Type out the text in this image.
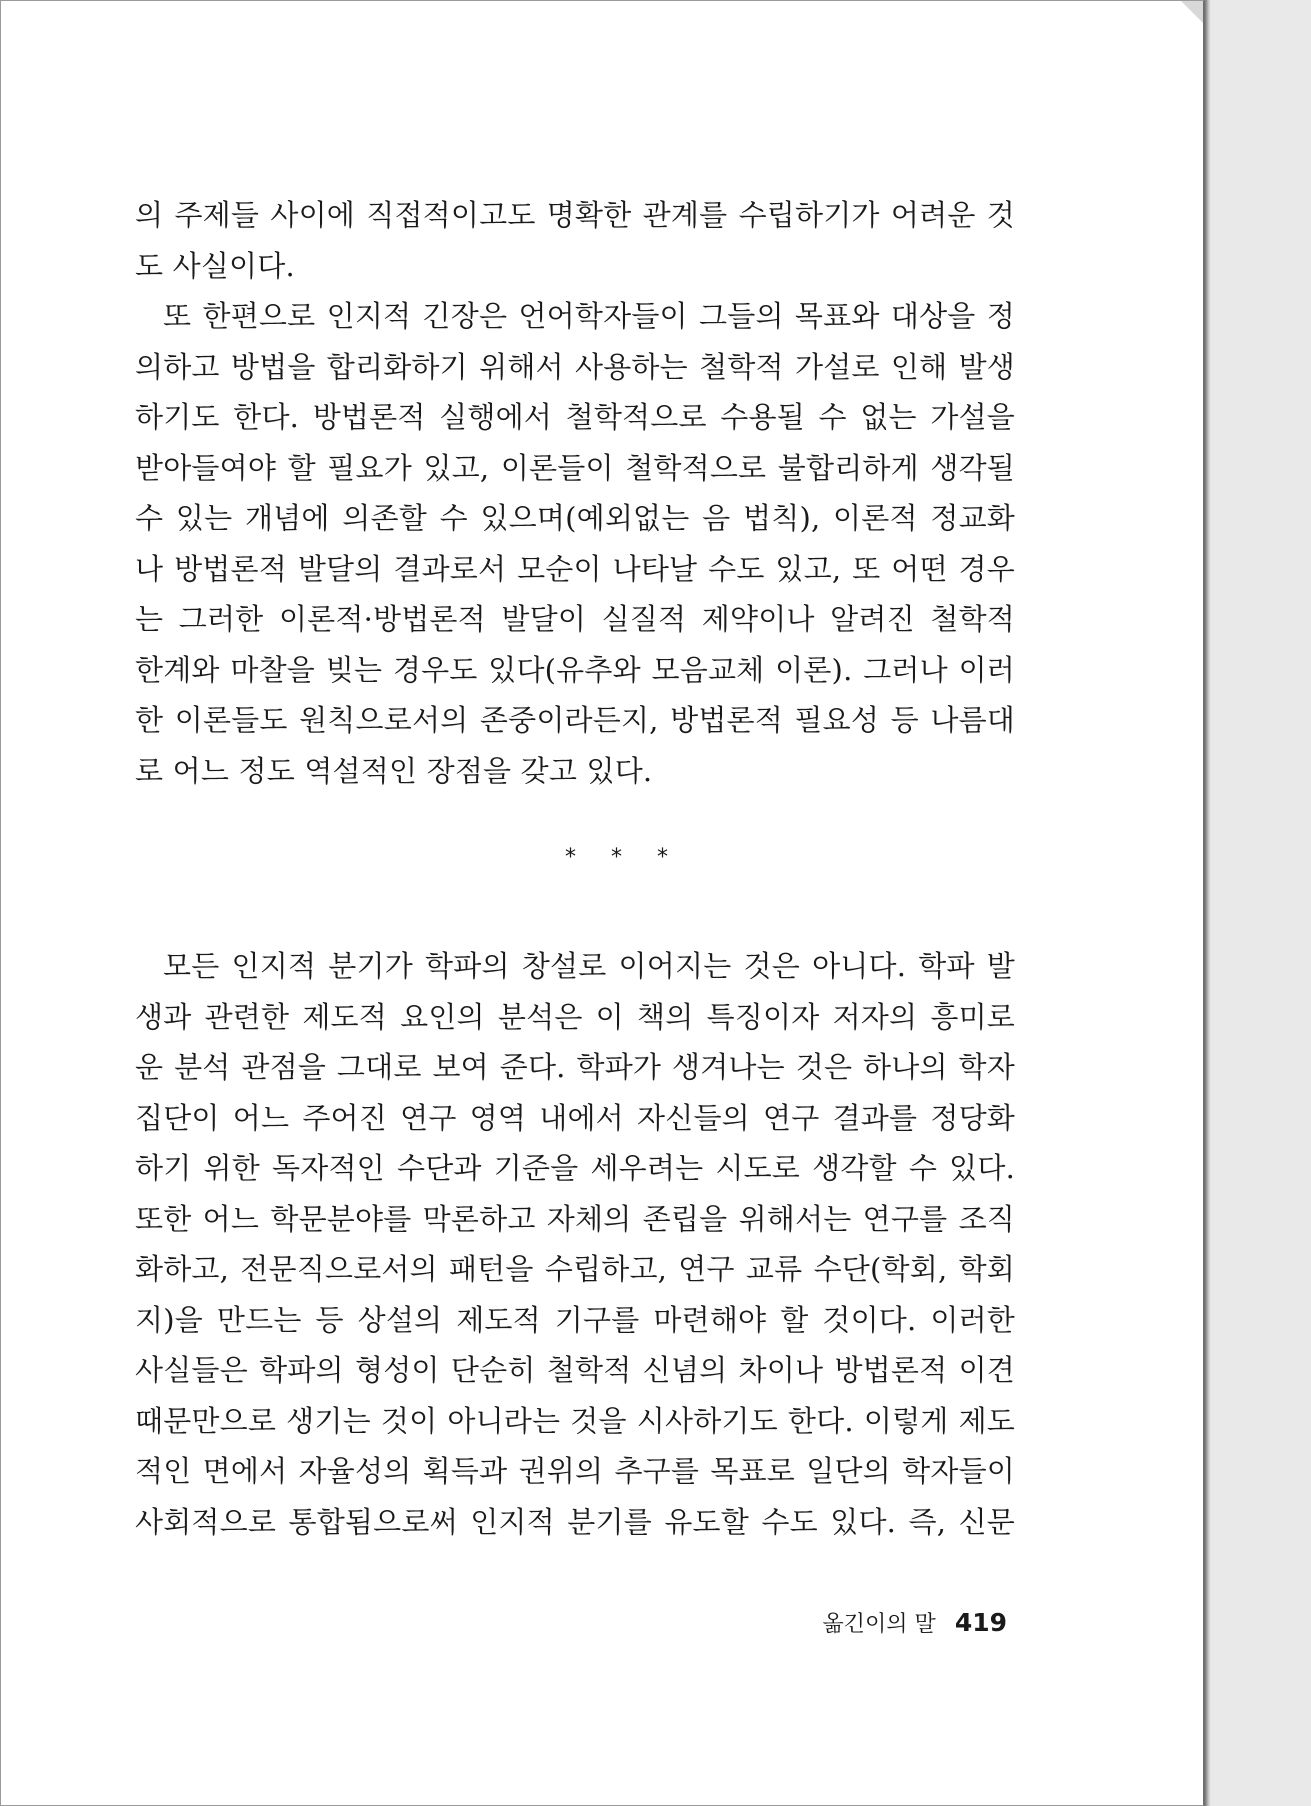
의 주제들 사이에 직접적이고도 명확한 관계를 수립하기가 어려운 것
도 사실이다.

또 한편으로 인지적 긴장은 언어학자들이 그들의 목표와 대상을 정
의하고 방법을 합리화하기 위해서 사용하는 철학적 가설로 인해 발생
하기도 한다. 방법론적 실행에서 철학적으로 수용될 수 없는 가설을
받아들여야 할 필요가 있고, 이론들이 철학적으로 불합리하게 생각될
수 있는 개념에 의존할 수 있으며(예외없는 음 법칙), 이론적 정교화
나 방법론적 발달의 결과로서 모순이 나타날 수도 있고, 또 어떤 경우
는 그러한 이론적·방법론적 발달이 실질적 제약이나 알려진 철학적
한계와 마찰을 빚는 경우도 있다(유추와 모음교체 이론). 그러나 이러
한 이론들도 원칙으로서의 존중이라든지, 방법론적 필요성 등 나름대
로 어느 정도 역설적인 장점을 갖고 있다.

* * *

모든 인지적 분기가 학파의 창설로 이어지는 것은 아니다. 학파 발
생과 관련한 제도적 요인의 분석은 이 책의 특징이자 저자의 흥미로
운 분석 관점을 그대로 보여 준다. 학파가 생겨나는 것은 하나의 학자
집단이 어느 주어진 연구 영역 내에서 자신들의 연구 결과를 정당화
하기 위한 독자적인 수단과 기준을 세우려는 시도로 생각할 수 있다.
또한 어느 학문분야를 막론하고 자체의 존립을 위해서는 연구를 조직
화하고, 전문직으로서의 패턴을 수립하고, 연구 교류 수단(학회, 학회
지)을 만드는 등 상설의 제도적 기구를 마련해야 할 것이다. 이러한
사실들은 학파의 형성이 단순히 철학적 신념의 차이나 방법론적 이견
때문만으로 생기는 것이 아니라는 것을 시사하기도 한다. 이렇게 제도
적인 면에서 자율성의 획득과 권위의 추구를 목표로 일단의 학자들이
사회적으로 통합됨으로써 인지적 분기를 유도할 수도 있다. 즉, 신문

옮긴이의 말 419
